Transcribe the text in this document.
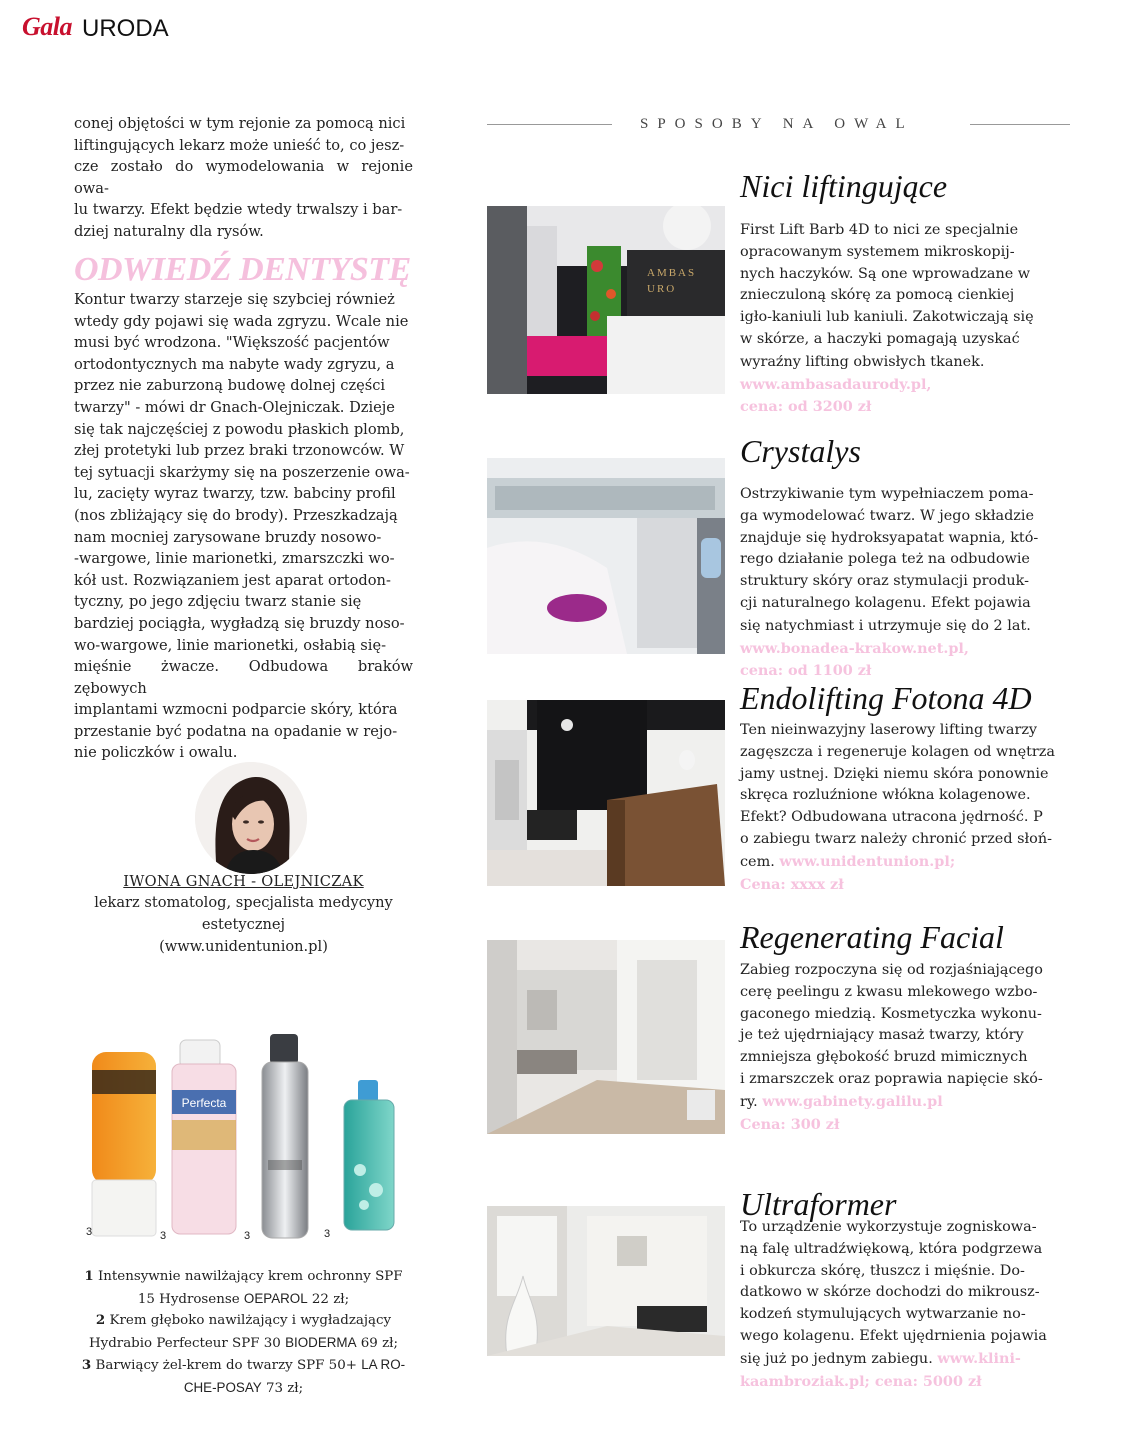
Gala URODA
conej objętości w tym rejonie za pomocą nici
liftingujących lekarz może unieść to, co jesz-
cze zostało do wymodelowania w rejonie owa-
lu twarzy. Efekt będzie wtedy trwalszy i bar-
dziej naturalny dla rysów.
ODWIEDŹ DENTYSTĘ
Kontur twarzy starzeje się szybciej również
wtedy gdy pojawi się wada zgryzu. Wcale nie
musi być wrodzona. "Większość pacjentów
ortodontycznych ma nabyte wady zgryzu, a
przez nie zaburzoną budowę dolnej części
twarzy" - mówi dr Gnach-Olejniczak. Dzieje
się tak najczęściej z powodu płaskich plomb,
złej protetyki lub przez braki trzonowców. W
tej sytuacji skarżymy się na poszerzenie owa-
lu, zacięty wyraz twarzy, tzw. babciny profil
(nos zbliżający się do brody). Przeszkadzają
nam mocniej zarysowane bruzdy nosowo-
-wargowe, linie marionetki, zmarszczki wo-
kół ust. Rozwiązaniem jest aparat ortodon-
tyczny, po jego zdjęciu twarz stanie się
bardziej pociągła, wygładzą się bruzdy noso-
wo-wargowe, linie marionetki, osłabią się-
mięśnie żwacze. Odbudowa braków zębowych
implantami wzmocni podparcie skóry, która
przestanie być podatna na opadanie w rejo-
nie policzków i owalu.
IWONA GNACH - OLEJNICZAK
lekarz stomatolog, specjalista medycyny
estetycznej
(www.unidentunion.pl)
Perfecta
3	3	3	3
1 Intensywnie nawilżający krem ochronny SPF 15 Hydrosense OEPAROL 22 zł;
2 Krem głęboko nawilżający i wygładzający Hydrabio Perfecteur SPF 30 BIODERMA 69 zł;
3 Barwiący żel-krem do twarzy SPF 50+ LA RO-
CHE-POSAY 73 zł;
SPOSOBY NA OWAL
Nici liftingujące
AMBAS URO
First Lift Barb 4D to nici ze specjalnie
opracowanym systemem mikroskopij-
nych haczyków. Są one wprowadzane w
znieczuloną skórę za pomocą cienkiej
igło-kaniuli lub kaniuli. Zakotwiczają się
w skórze, a haczyki pomagają uzyskać
wyraźny lifting obwisłych tkanek.
www.ambasadaurody.pl,
cena: od 3200 zł
Crystalys
Ostrzykiwanie tym wypełniaczem poma-
ga wymodelować twarz. W jego składzie
znajduje się hydroksyapatat wapnia, któ-
rego działanie polega też na odbudowie
struktury skóry oraz stymulacji produk-
cji naturalnego kolagenu. Efekt pojawia
się natychmiast i utrzymuje się do 2 lat.
www.bonadea-krakow.net.pl,
cena: od 1100 zł
Endolifting Fotona 4D
Ten nieinwazyjny laserowy lifting twarzy
zagęszcza i regeneruje kolagen od wnętrza
jamy ustnej. Dzięki niemu skóra ponownie
skręca rozluźnione włókna kolagenowe.
Efekt? Odbudowana utracona jędrność. P
o zabiegu twarz należy chronić przed słoń-
cem. www.unidentunion.pl;
Cena: xxxx zł
Regenerating Facial
Zabieg rozpoczyna się od rozjaśniającego
cerę peelingu z kwasu mlekowego wzbo-
gaconego miedzią. Kosmetyczka wykonu-
je też ujędrniający masaż twarzy, który
zmniejsza głębokość bruzd mimicznych
i zmarszczek oraz poprawia napięcie skó-
ry. www.gabinety.galilu.pl
Cena: 300 zł
Ultraformer
To urządzenie wykorzystuje zogniskowa-
ną falę ultradźwiękową, która podgrzewa
i obkurcza skórę, tłuszcz i mięśnie. Do-
datkowo w skórze dochodzi do mikrousz-
kodzeń stymulujących wytwarzanie no-
wego kolagenu. Efekt ujędrnienia pojawia
się już po jednym zabiegu. www.klini-
kaambroziak.pl; cena: 5000 zł
